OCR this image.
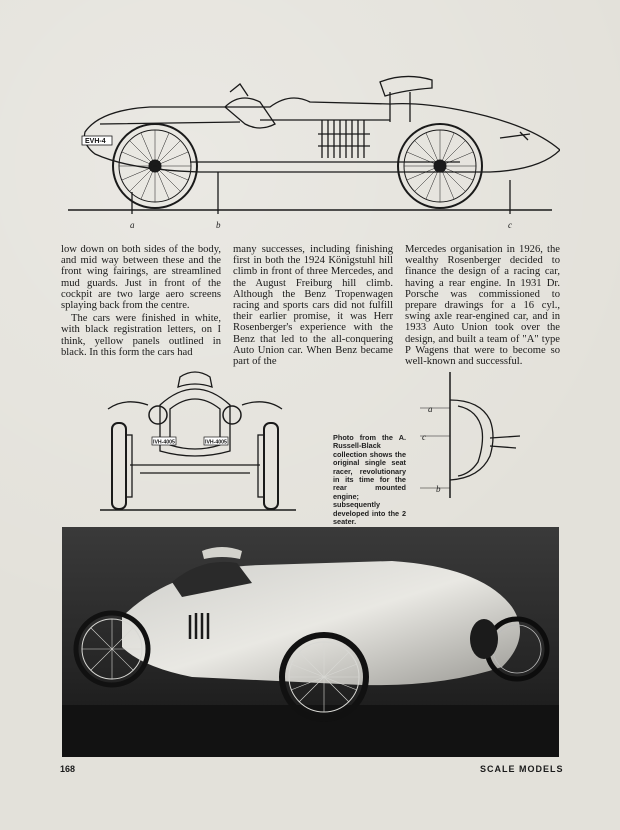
EVH-4
a	b	c

low down on both sides of the body, and mid way between these and the front wing fairings, are streamlined mud guards. Just in front of the cockpit are two large aero screens splaying back from the centre.

The cars were finished in white, with black registration letters, on I think, yellow panels outlined in black. In this form the cars had

many successes, including finishing first in both the 1924 Königstuhl hill climb in front of three Mercedes, and the August Freiburg hill climb. Although the Benz Tropenwagen racing and sports cars did not fulfill their earlier promise, it was Herr Rosenberger's experience with the Benz that led to the all-conquering Auto Union car. When Benz became part of the

Mercedes organisation in 1926, the wealthy Rosenberger decided to finance the design of a racing car, having a rear engine. In 1931 Dr. Porsche was commissioned to prepare drawings for a 16 cyl., swing axle rear-engined car, and in 1933 Auto Union took over the design, and built a team of "A" type P Wagens that were to become so well-known and successful.

IVH-4005	IVH-4005
Photo from the A. Russell-Black collection shows the original single seat racer, revolutionary in its time for the rear mounted engine; subsequently developed into the 2 seater.
a
c
b
168	SCALE MODELS
